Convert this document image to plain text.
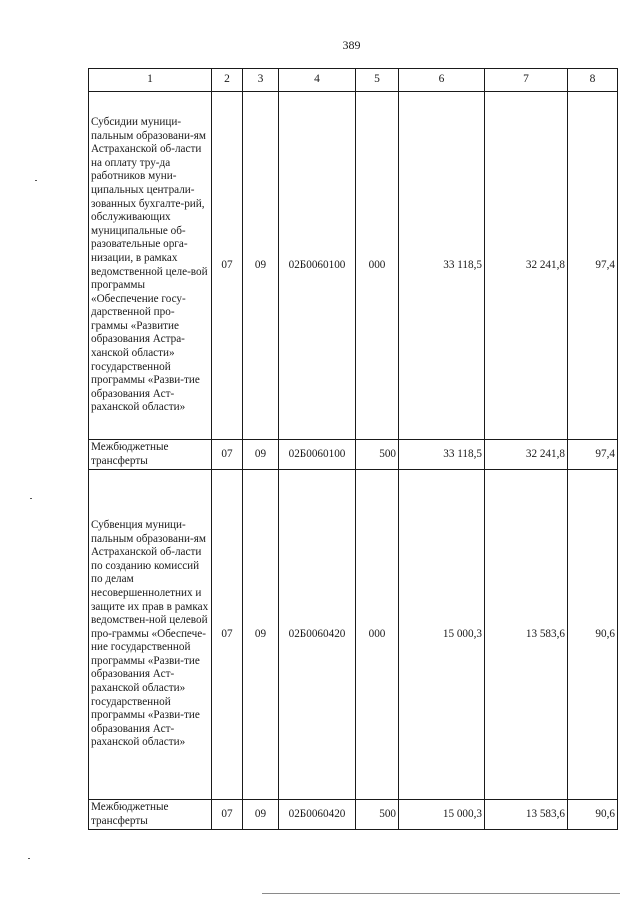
389
1	2	3	4	5	6	7	8
Субсидии муници-пальным образовани-ям Астраханской об-ласти на оплату тру-да работников муни-ципальных централи-зованных бухгалте-рий, обслуживающих муниципальные об-разовательные орга-низации, в рамках ведомственной целе-вой программы «Обеспечение госу-дарственной про-граммы «Развитие образования Астра-ханской области» государственной программы «Разви-тие образования Аст-раханской области»	07	09	02Б0060100	000	33 118,5	32 241,8	97,4
Межбюджетные трансферты	07	09	02Б0060100	500	33 118,5	32 241,8	97,4
Субвенция муници-пальным образовани-ям Астраханской об-ласти по созданию комиссий по делам несовершеннолетних и защите их прав в рамках ведомствен-ной целевой про-граммы «Обеспече-ние государственной программы «Разви-тие образования Аст-раханской области» государственной программы «Разви-тие образования Аст-раханской области»	07	09	02Б0060420	000	15 000,3	13 583,6	90,6
Межбюджетные трансферты	07	09	02Б0060420	500	15 000,3	13 583,6	90,6
